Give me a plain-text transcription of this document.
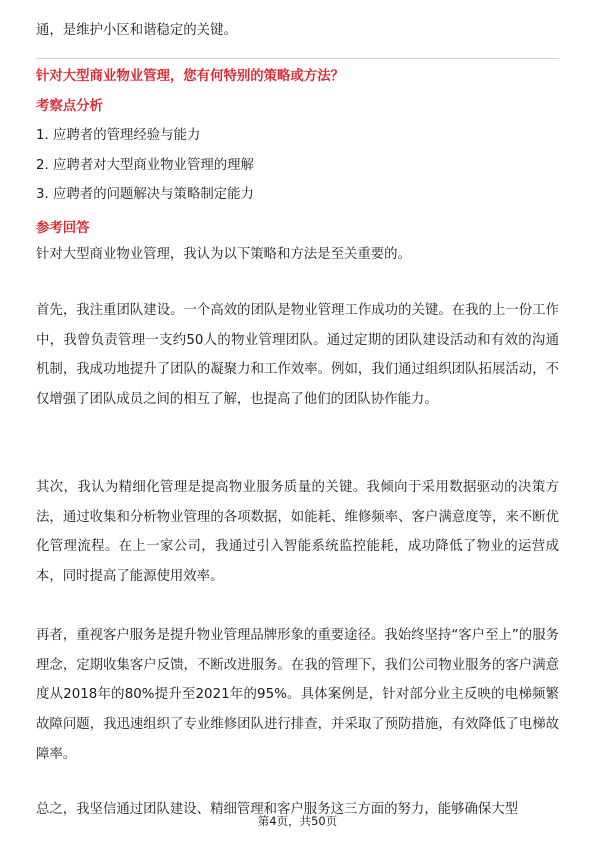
通，是维护小区和谐稳定的关键。
针对大型商业物业管理，您有何特别的策略或方法？
考察点分析
1. 应聘者的管理经验与能力
2. 应聘者对大型商业物业管理的理解
3. 应聘者的问题解决与策略制定能力
参考回答
针对大型商业物业管理，我认为以下策略和方法是至关重要的。
首先，我注重团队建设。一个高效的团队是物业管理工作成功的关键。在我的上一份工作中，我曾负责管理一支约50人的物业管理团队。通过定期的团队建设活动和有效的沟通机制，我成功地提升了团队的凝聚力和工作效率。例如，我们通过组织团队拓展活动，不仅增强了团队成员之间的相互了解，也提高了他们的团队协作能力。
其次，我认为精细化管理是提高物业服务质量的关键。我倾向于采用数据驱动的决策方法，通过收集和分析物业管理的各项数据，如能耗、维修频率、客户满意度等，来不断优化管理流程。在上一家公司，我通过引入智能系统监控能耗，成功降低了物业的运营成本，同时提高了能源使用效率。
再者，重视客户服务是提升物业管理品牌形象的重要途径。我始终坚持“客户至上”的服务理念，定期收集客户反馈，不断改进服务。在我的管理下，我们公司物业服务的客户满意度从2018年的80%提升至2021年的95%。具体案例是，针对部分业主反映的电梯频繁故障问题，我迅速组织了专业维修团队进行排查，并采取了预防措施，有效降低了电梯故障率。
总之，我坚信通过团队建设、精细管理和客户服务这三方面的努力，能够确保大型
第4页，共50页
